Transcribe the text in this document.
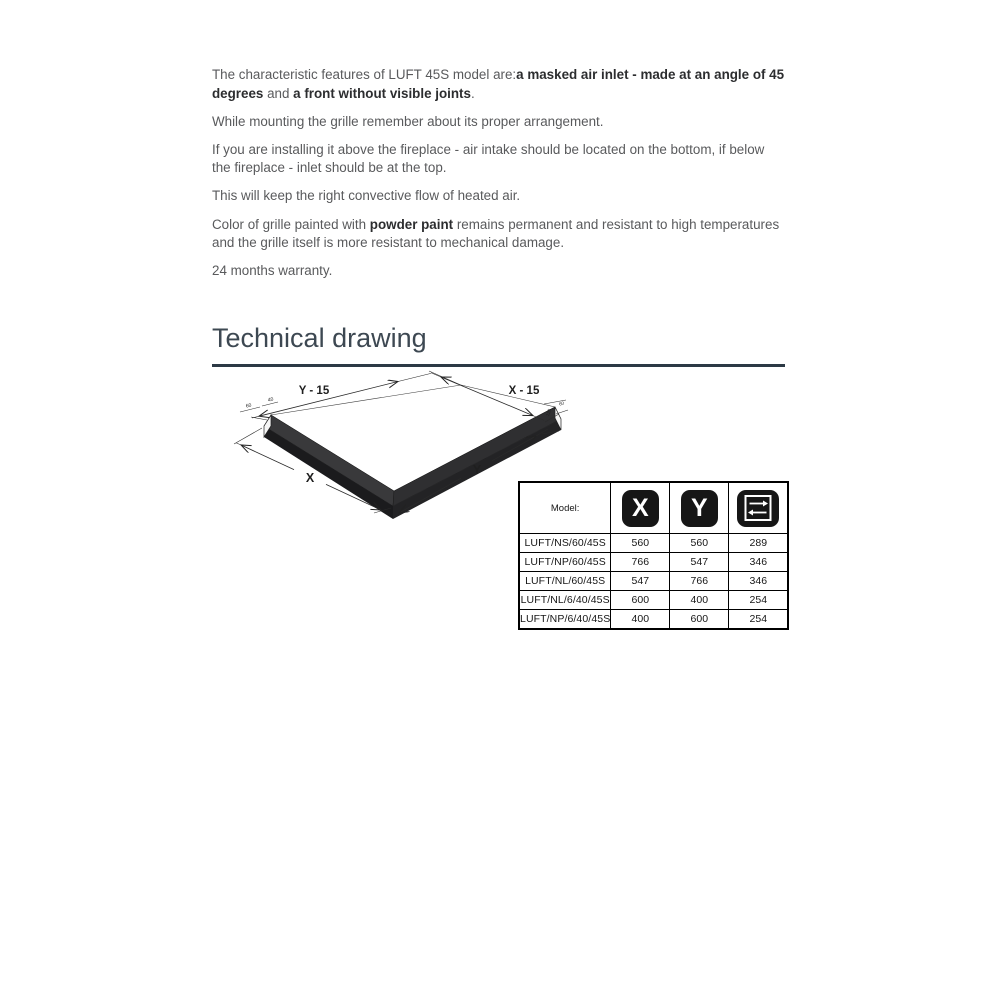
The characteristic features of LUFT 45S model are:a masked air inlet - made at an angle of 45 degrees and a front without visible joints.

While mounting the grille remember about its proper arrangement.

If you are installing it above the fireplace - air intake should be located on the bottom, if below the fireplace - inlet should be at the top.

This will keep the right convective flow of heated air.

Color of grille painted with powder paint remains permanent and resistant to high temperatures and the grille itself is more resistant to mechanical damage.

24 months warranty.

Technical drawing
Y - 15	X - 15
X
Y
60
40
128
60
Model:	X	Y

LUFT/NS/60/45S	560	560	289
LUFT/NP/60/45S	766	547	346
LUFT/NL/60/45S	547	766	346
LUFT/NL/6/40/45S	600	400	254
LUFT/NP/6/40/45S	400	600	254
